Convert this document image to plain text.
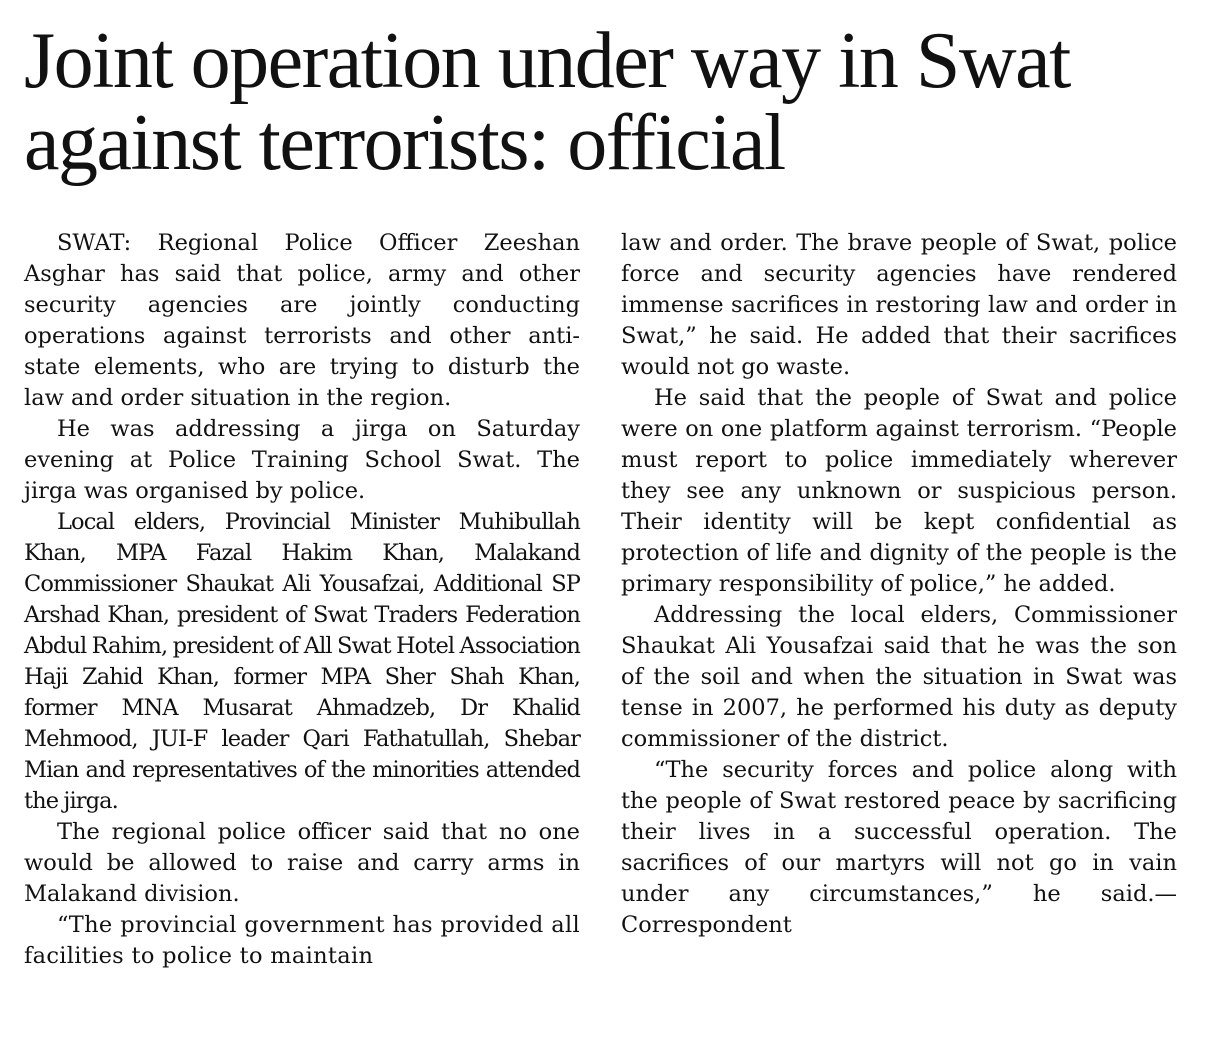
Joint operation under way in Swat against terrorists: official

SWAT: Regional Police Officer Zeeshan Asghar has said that police, army and other security agencies are jointly conducting operations against terrorists and other anti-state elements, who are trying to disturb the law and order situation in the region.

He was addressing a jirga on Saturday evening at Police Training School Swat. The jirga was organised by police.

Local elders, Provincial Minister Muhibullah Khan, MPA Fazal Hakim Khan, Malakand Commissioner Shaukat Ali Yousafzai, Additional SP Arshad Khan, president of Swat Traders Federation Abdul Rahim, president of All Swat Hotel Association Haji Zahid Khan, former MPA Sher Shah Khan, former MNA Musarat Ahmadzeb, Dr Khalid Mehmood, JUI-F leader Qari Fathatullah, Shebar Mian and representatives of the minorities attended the jirga.

The regional police officer said that no one would be allowed to raise and carry arms in Malakand division.

“The provincial government has provided all facilities to police to maintain

law and order. The brave people of Swat, police force and security agencies have rendered immense sacrifices in restoring law and order in Swat,” he said. He added that their sacrifices would not go waste.

He said that the people of Swat and police were on one platform against terrorism. “People must report to police immediately wherever they see any unknown or suspicious person. Their identity will be kept confidential as protection of life and dignity of the people is the primary responsibility of police,” he added.

Addressing the local elders, Commissioner Shaukat Ali Yousafzai said that he was the son of the soil and when the situation in Swat was tense in 2007, he performed his duty as deputy commissioner of the district.

“The security forces and police along with the people of Swat restored peace by sacrificing their lives in a successful operation. The sacrifices of our martyrs will not go in vain under any circumstances,” he said.—Correspondent
